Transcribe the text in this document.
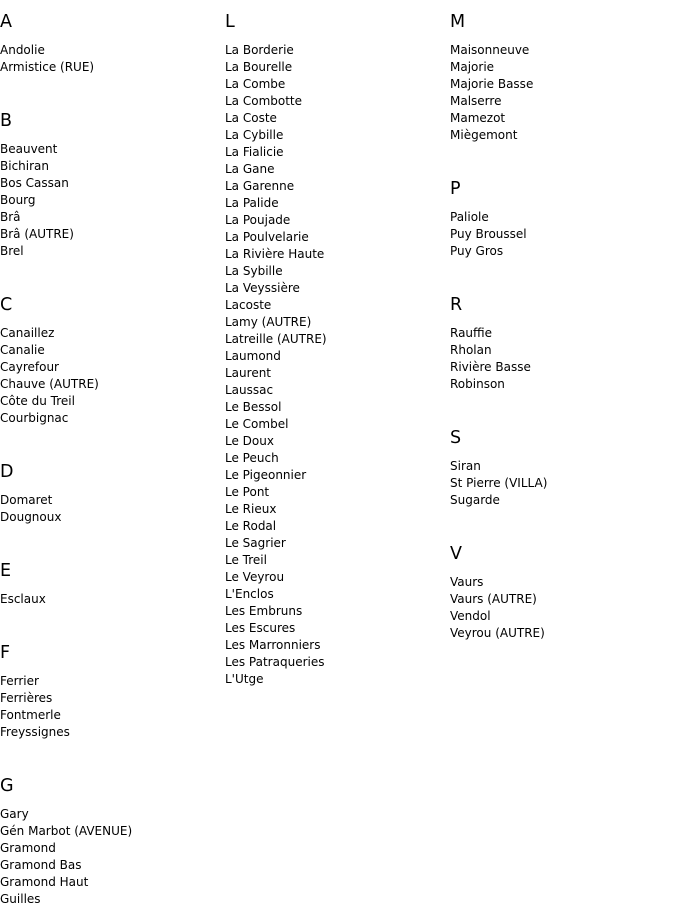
A
Andolie
Armistice (RUE)
B
Beauvent
Bichiran
Bos Cassan
Bourg
Brâ
Brâ (AUTRE)
Brel
C
Canaillez
Canalie
Cayrefour
Chauve (AUTRE)
Côte du Treil
Courbignac
D
Domaret
Dougnoux
E
Esclaux
F
Ferrier
Ferrières
Fontmerle
Freyssignes
G
Gary
Gén Marbot (AVENUE)
Gramond
Gramond Bas
Gramond Haut
Guilles
L
La Borderie
La Bourelle
La Combe
La Combotte
La Coste
La Cybille
La Fialicie
La Gane
La Garenne
La Palide
La Poujade
La Poulvelarie
La Rivière Haute
La Sybille
La Veyssière
Lacoste
Lamy (AUTRE)
Latreille (AUTRE)
Laumond
Laurent
Laussac
Le Bessol
Le Combel
Le Doux
Le Peuch
Le Pigeonnier
Le Pont
Le Rieux
Le Rodal
Le Sagrier
Le Treil
Le Veyrou
L'Enclos
Les Embruns
Les Escures
Les Marronniers
Les Patraqueries
L'Utge
M
Maisonneuve
Majorie
Majorie Basse
Malserre
Mamezot
Miègemont
P
Paliole
Puy Broussel
Puy Gros
R
Rauffie
Rholan
Rivière Basse
Robinson
S
Siran
St Pierre (VILLA)
Sugarde
V
Vaurs
Vaurs (AUTRE)
Vendol
Veyrou (AUTRE)
